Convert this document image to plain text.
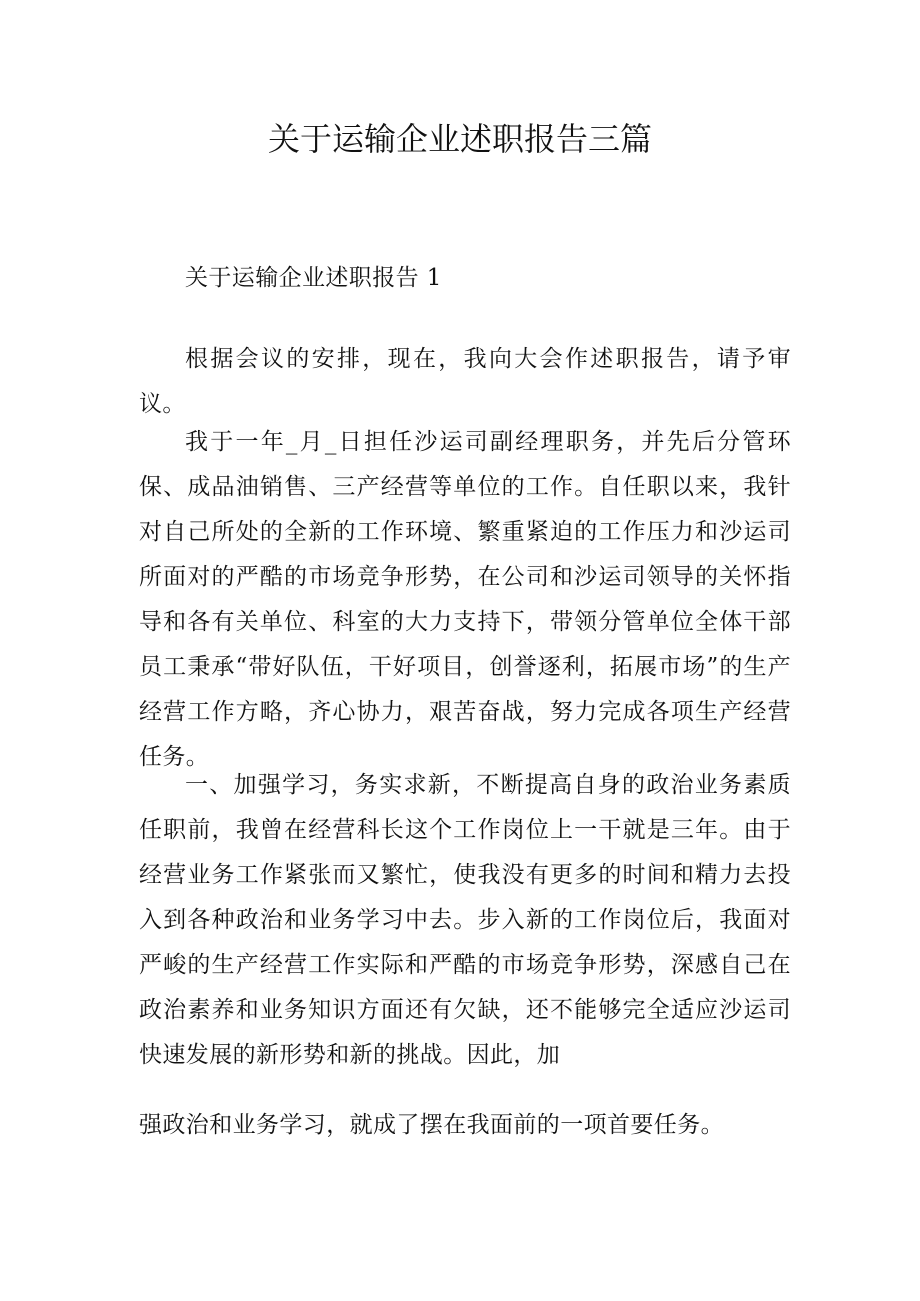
关于运输企业述职报告三篇

关于运输企业述职报告 1

根据会议的安排，现在，我向大会作述职报告，请予审议。

我于一年_月_日担任沙运司副经理职务，并先后分管环保、成品油销售、三产经营等单位的工作。自任职以来，我针对自己所处的全新的工作环境、繁重紧迫的工作压力和沙运司所面对的严酷的市场竞争形势，在公司和沙运司领导的关怀指导和各有关单位、科室的大力支持下，带领分管单位全体干部员工秉承“带好队伍，干好项目，创誉逐利，拓展市场”的生产经营工作方略，齐心协力，艰苦奋战，努力完成各项生产经营任务。

一、加强学习，务实求新，不断提高自身的政治业务素质任职前，我曾在经营科长这个工作岗位上一干就是三年。由于经营业务工作紧张而又繁忙，使我没有更多的时间和精力去投入到各种政治和业务学习中去。步入新的工作岗位后，我面对严峻的生产经营工作实际和严酷的市场竞争形势，深感自己在政治素养和业务知识方面还有欠缺，还不能够完全适应沙运司快速发展的新形势和新的挑战。因此，加

强政治和业务学习，就成了摆在我面前的一项首要任务。
